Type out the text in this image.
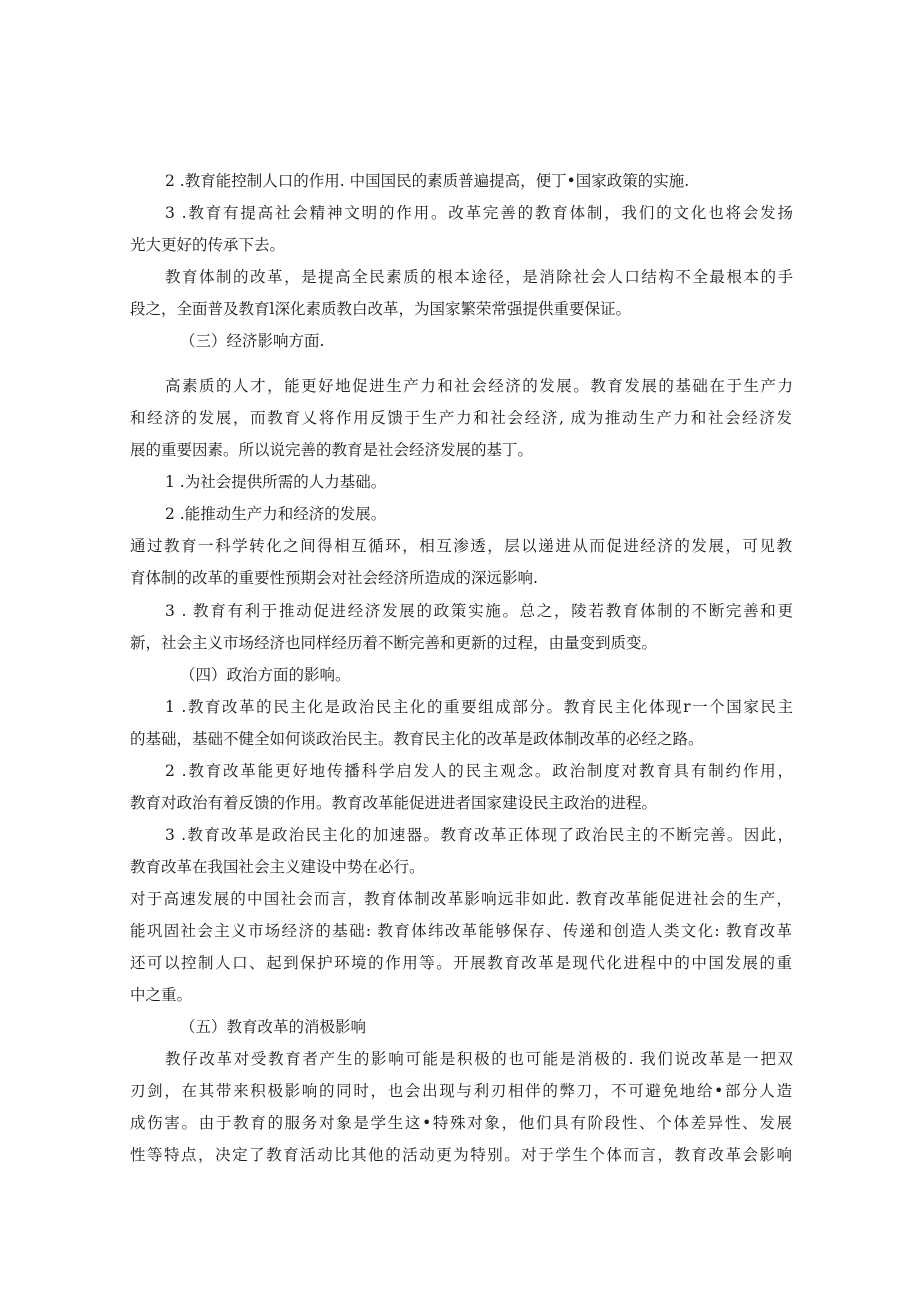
2 .教育能控制人口的作用. 中国国民的素质普遍提高，便丁•国家政策的实施.
3 .教育有提高社会精神文明的作用。改革完善的教育体制，我们的文化也将会发扬
光大更好的传承下去。
教育体制的改革，是提高全民素质的根本途径，是消除社会人口结构不全最根本的手
段之，全面普及教育l深化素质教白改革，为国家繁荣常强提供重要保证。
（三）经济影响方面.
高素质的人才，能更好地促进生产力和社会经济的发展。教育发展的基础在于生产力
和经济的发展，而教育乂将作用反馈于生产力和社会经济, 成为推动生产力和社会经济发
展的重要因素。所以说完善的教育是社会经济发展的基丁。
1 .为社会提供所需的人力基础。
2 .能推动生产力和经济的发展。
通过教育一科学转化之间得相互循环，相互渗透，层以递进从而促进经济的发展，可见教
育体制的改革的重要性预期会对社会经济所造成的深远影响.
3 . 教育有利于推动促进经济发展的政策实施。总之，陵若教育体制的不断完善和更
新，社会主义市场经济也同样经历着不断完善和更新的过程，由量变到质变。
（四）政治方面的影响。
1 .教育改革的民主化是政治民主化的重要组成部分。教育民主化体现r一个国家民主
的基础，基础不健全如何谈政治民主。教育民主化的改革是政体制改革的必经之路。
2 .教育改革能更好地传播科学启发人的民主观念。政治制度对教育具有制约作用，
教育对政治有着反馈的作用。教育改革能促进进者国家建设民主政治的进程。
3 .教育改革是政治民主化的加速器。教育改革正体现了政治民主的不断完善。因此，
教育改革在我国社会主义建设中势在必行。
对于高速发展的中国社会而言，教育体制改革影响远非如此. 教育改革能促进社会的生产，
能巩固社会主义市场经济的基础: 教育体纬改革能够保存、传递和创造人类文化: 教育改革
还可以控制人口、起到保护环境的作用等。开展教育改革是现代化进程中的中国发展的重
中之重。
（五）教育改革的消极影响
教仔改革对受教育者产生的影响可能是积极的也可能是消极的. 我们说改革是一把双
刃剑，在其带来积极影响的同时，也会出现与利刃相伴的弊刀，不可避免地给•部分人造
成伤害。由于教育的服务对象是学生这•特殊对象，他们具有阶段性、个体差异性、发展
性等特点，决定了教育活动比其他的活动更为特别。对于学生个体而言，教育改革会影响
